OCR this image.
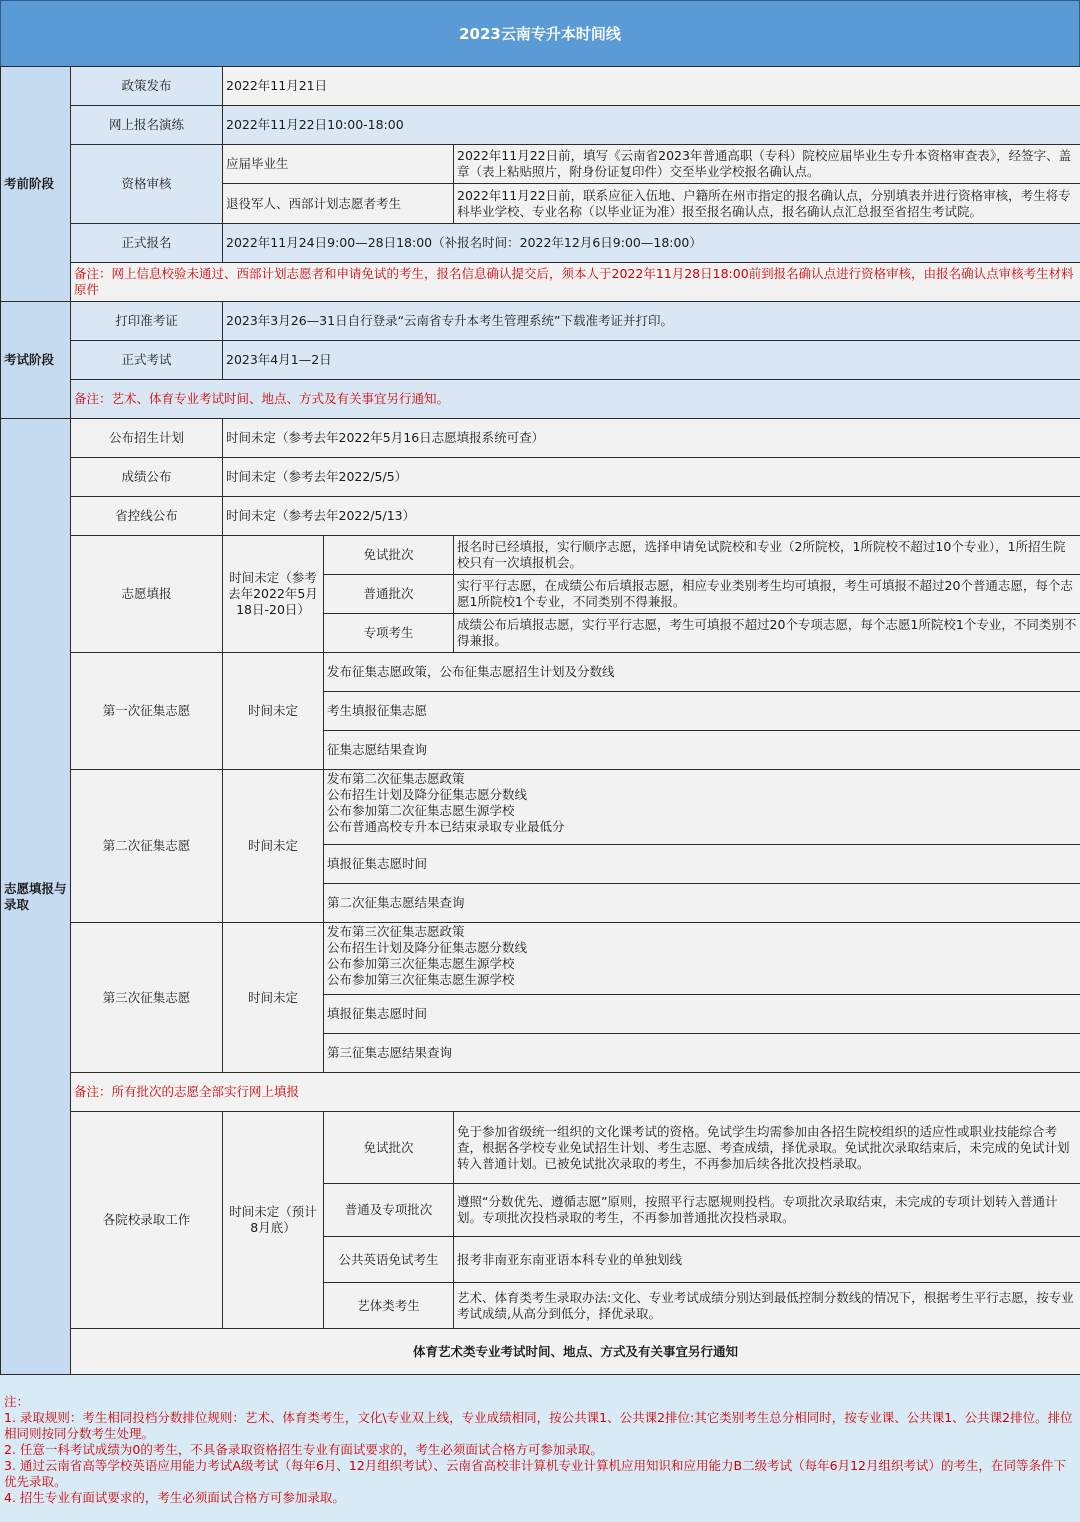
2023云南专升本时间线
考前阶段	政策发布	2022年11月21日		
	网上报名演练	2022年11月22日10:00-18:00		
	资格审核	应届毕业生		2022年11月22日前，填写《云南省2023年普通高职（专科）院校应届毕业生专升本资格审查表》，经签字、盖章（表上粘贴照片，附身份证复印件）交至毕业学校报名确认点。
		退役军人、西部计划志愿者考生		2022年11月22日前，联系应征入伍地、户籍所在州市指定的报名确认点，分别填表并进行资格审核，考生将专科毕业学校、专业名称（以毕业证为准）报至报名确认点，报名确认点汇总报至省招生考试院。
	正式报名	2022年11月24日9:00—28日18:00（补报名时间：2022年12月6日9:00—18:00）		
	备注：网上信息校验未通过、西部计划志愿者和申请免试的考生，报名信息确认提交后，须本人于2022年11月28日18:00前到报名确认点进行资格审核，由报名确认点审核考生材料原件			
考试阶段	打印准考证	2023年3月26—31日自行登录“云南省专升本考生管理系统”下载准考证并打印。		
	正式考试	2023年4月1—2日		
	备注：艺术、体育专业考试时间、地点、方式及有关事宜另行通知。			
志愿填报与录取	公布招生计划	时间未定（参考去年2022年5月16日志愿填报系统可查）		
	成绩公布	时间未定（参考去年2022/5/5）		
	省控线公布	时间未定（参考去年2022/5/13）		
	志愿填报	时间未定（参考去年2022年5月18日-20日）	免试批次	报名时已经填报，实行顺序志愿，选择申请免试院校和专业（2所院校，1所院校不超过10个专业），1所招生院校只有一次填报机会。
			普通批次	实行平行志愿，在成绩公布后填报志愿，相应专业类别考生均可填报，考生可填报不超过20个普通志愿，每个志愿1所院校1个专业，不同类别不得兼报。
			专项考生	成绩公布后填报志愿，实行平行志愿，考生可填报不超过20个专项志愿，每个志愿1所院校1个专业，不同类别不得兼报。
	第一次征集志愿	时间未定	发布征集志愿政策，公布征集志愿招生计划及分数线	
			考生填报征集志愿	
			征集志愿结果查询	
	第二次征集志愿	时间未定	发布第二次征集志愿政策
公布招生计划及降分征集志愿分数线
公布参加第二次征集志愿生源学校
公布普通高校专升本已结束录取专业最低分	

			填报征集志愿时间	
			第二次征集志愿结果查询	
	第三次征集志愿	时间未定	发布第三次征集志愿政策
公布招生计划及降分征集志愿分数线
公布参加第三次征集志愿生源学校
公布参加第三次征集志愿生源学校	

			填报征集志愿时间	
			第三征集志愿结果查询	
	备注：所有批次的志愿全部实行网上填报			
	各院校录取工作	时间未定（预计8月底）	免试批次	免于参加省级统一组织的文化课考试的资格。免试学生均需参加由各招生院校组织的适应性或职业技能综合考查，根据各学校专业免试招生计划、考生志愿、考查成绩，择优录取。免试批次录取结束后，未完成的免试计划转入普通计划。已被免试批次录取的考生，不再参加后续各批次投档录取。
			普通及专项批次	遵照“分数优先、遵循志愿”原则，按照平行志愿规则投档。专项批次录取结束，未完成的专项计划转入普通计划。专项批次投档录取的考生，不再参加普通批次投档录取。
			公共英语免试考生	报考非南亚东南亚语本科专业的单独划线
			艺体类考生	艺术、体育类考生录取办法:文化、专业考试成绩分别达到最低控制分数线的情况下，根据考生平行志愿，按专业考试成绩,从高分到低分，择优录取。
	体育艺术类专业考试时间、地点、方式及有关事宜另行通知			
注：
1. 录取规则：考生相同投档分数排位规则：艺术、体育类考生，文化\专业双上线，专业成绩相同，按公共课1、公共课2排位:其它类别考生总分相同时，按专业课、公共课1、公共课2排位。排位相同则按同分数考生处理。
2. 任意一科考试成绩为0的考生，不具备录取资格招生专业有面试要求的，考生必须面试合格方可参加录取。
3. 通过云南省高等学校英语应用能力考试A级考试（每年6月、12月组织考试）、云南省高校非计算机专业计算机应用知识和应用能力B二级考试（每年6月12月组织考试）的考生，在同等条件下优先录取。
4. 招生专业有面试要求的，考生必须面试合格方可参加录取。
